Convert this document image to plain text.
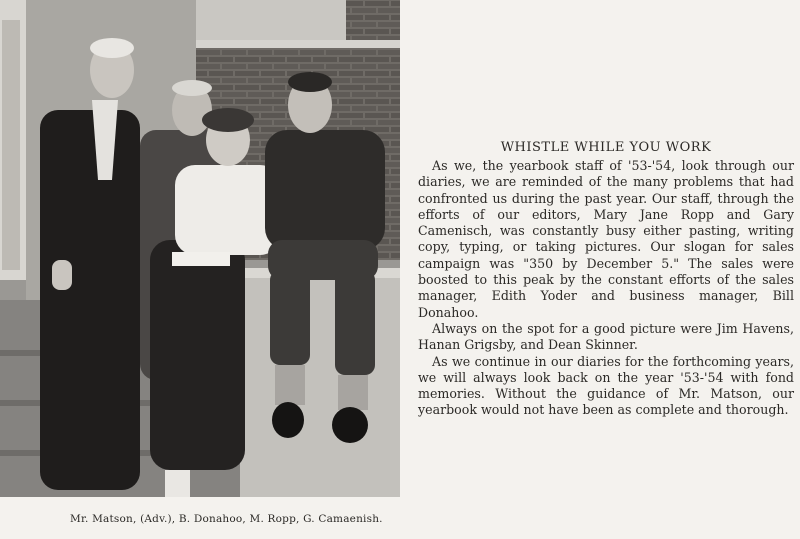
Mr. Matson, (Adv.), B. Donahoo, M. Ropp, G. Camaenish.

WHISTLE WHILE YOU WORK

As we, the yearbook staff of '53-'54, look through our diaries, we are reminded of the many problems that had confronted us during the past year. Our staff, through the efforts of our editors, Mary Jane Ropp and Gary Camenisch, was constantly busy either pasting, writing copy, typing, or taking pictures. Our slogan for sales campaign was "350 by December 5." The sales were boosted to this peak by the constant efforts of the sales manager, Edith Yoder and business manager, Bill Donahoo.

Always on the spot for a good picture were Jim Havens, Hanan Grigsby, and Dean Skinner.

As we continue in our diaries for the forthcoming years, we will always look back on the year '53-'54 with fond memories. Without the guidance of Mr. Matson, our yearbook would not have been as complete and thorough.
